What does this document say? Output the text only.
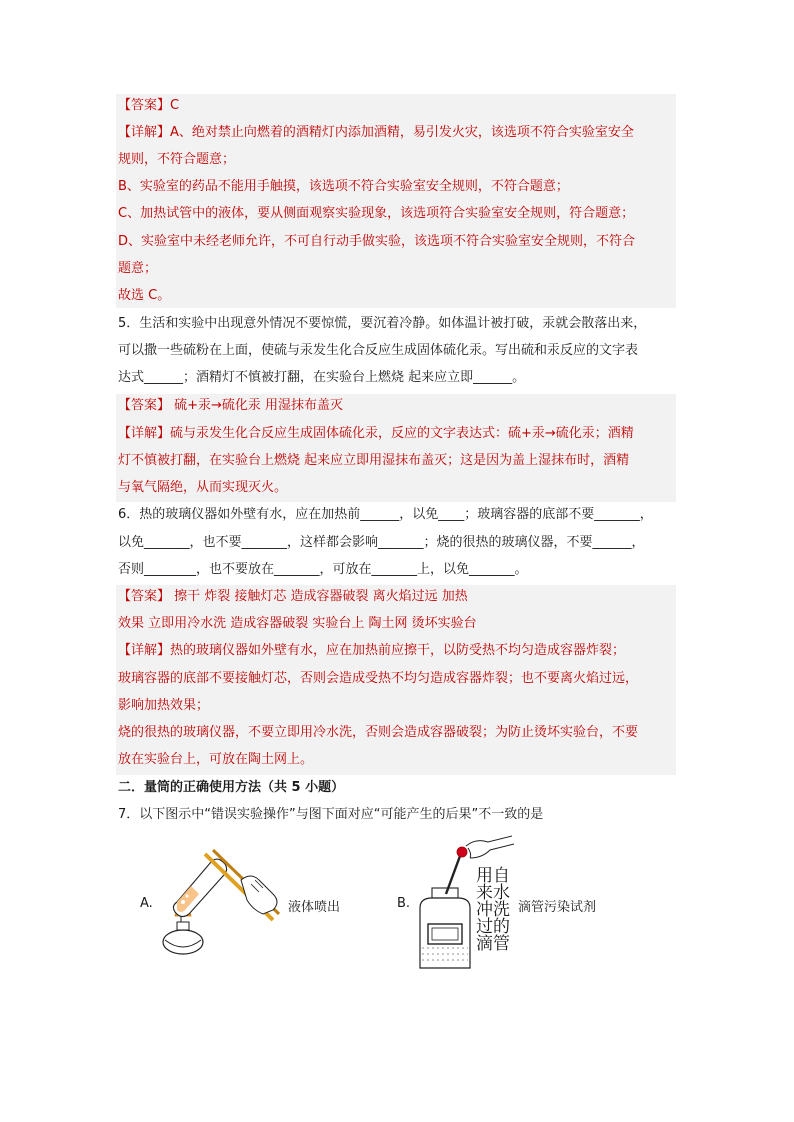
【答案】C
【详解】A、绝对禁止向燃着的酒精灯内添加酒精，易引发火灾，该选项不符合实验室安全
规则，不符合题意；
B、实验室的药品不能用手触摸，该选项不符合实验室安全规则，不符合题意；
C、加热试管中的液体，要从侧面观察实验现象，该选项符合实验室安全规则，符合题意；
D、实验室中未经老师允许，不可自行动手做实验，该选项不符合实验室安全规则，不符合
题意；
故选 C。
5．生活和实验中出现意外情况不要惊慌，要沉着冷静。如体温计被打破，汞就会散落出来，
可以撒一些硫粉在上面，使硫与汞发生化合反应生成固体硫化汞。写出硫和汞反应的文字表
达式______；酒精灯不慎被打翻，在实验台上燃烧 起来应立即______。
【答案】 硫+汞→硫化汞 用湿抹布盖灭
【详解】硫与汞发生化合反应生成固体硫化汞，反应的文字表达式：硫+汞→硫化汞；酒精
灯不慎被打翻，在实验台上燃烧 起来应立即用湿抹布盖灭；这是因为盖上湿抹布时，酒精
与氧气隔绝，从而实现灭火。
6．热的玻璃仪器如外壁有水，应在加热前______，以免____；玻璃容器的底部不要_______，
以免_______，也不要_______，这样都会影响_______；烧的很热的玻璃仪器，不要______，
否则________，也不要放在_______，可放在_______上，以免_______。
【答案】 擦干 炸裂 接触灯芯 造成容器破裂 离火焰过远 加热
效果 立即用冷水洗 造成容器破裂 实验台上 陶土网 烫坏实验台
【详解】热的玻璃仪器如外壁有水，应在加热前应擦干，以防受热不均匀造成容器炸裂；
玻璃容器的底部不要接触灯芯，否则会造成受热不均匀造成容器炸裂；也不要离火焰过远，
影响加热效果；
烧的很热的玻璃仪器，不要立即用冷水洗，否则会造成容器破裂；为防止烫坏实验台，不要
放在实验台上，可放在陶土网上。
二．量筒的正确使用方法（共 5 小题）
7．以下图示中“错误实验操作”与图下面对应“可能产生的后果”不一致的是
A.	液体喷出	B.
用自
来水
冲洗
过的
滴管
滴管污染试剂
